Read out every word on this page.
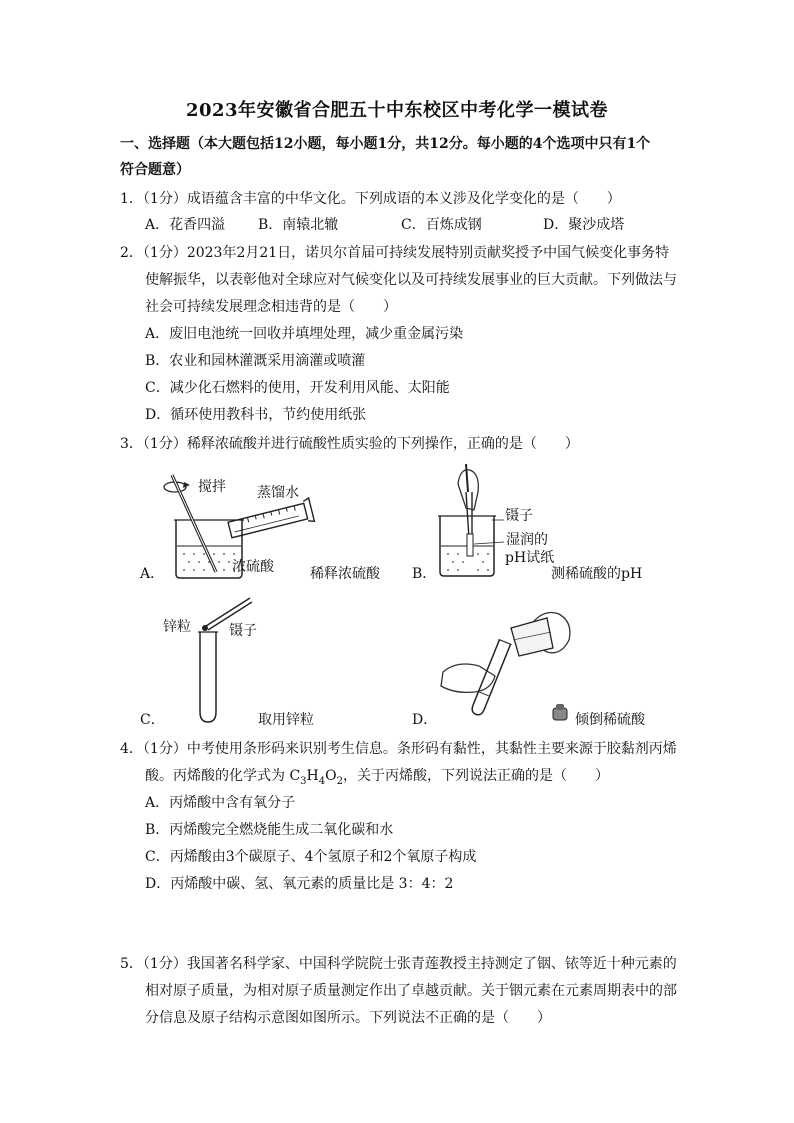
2023年安徽省合肥五十中东校区中考化学一模试卷
一、选择题（本大题包括12小题，每小题1分，共12分。每小题的4个选项中只有1个
符合题意）
1．（1分）成语蕴含丰富的中华文化。下列成语的本义涉及化学变化的是（　　）
A．花香四溢 B．南辕北辙	C．百炼成钢	D．聚沙成塔
2．（1分）2023年2月21日，诺贝尔首届可持续发展特别贡献奖授予中国气候变化事务特
使解振华，以表彰他对全球应对气候变化以及可持续发展事业的巨大贡献。下列做法与
社会可持续发展理念相违背的是（　　）
A．废旧电池统一回收并填埋处理，减少重金属污染
B．农业和园林灌溉采用滴灌或喷灌
C．减少化石燃料的使用，开发利用风能、太阳能
D．循环使用教科书，节约使用纸张
3．（1分）稀释浓硫酸并进行硫酸性质实验的下列操作，正确的是（　　）
搅拌 蒸馏水
浓硫酸
A．	稀释浓硫酸
镊子
湿润的
pH试纸
B．	测稀硫酸的pH
锌粒	镊子
C．	取用锌粒	D．	倾倒稀硫酸
4．（1分）中考使用条形码来识别考生信息。条形码有黏性，其黏性主要来源于胶黏剂丙烯
酸。丙烯酸的化学式为 $C_3H_4O_2$，关于丙烯酸，下列说法正确的是（　　）
A．丙烯酸中含有氧分子
B．丙烯酸完全燃烧能生成二氧化碳和水
C．丙烯酸由3个碳原子、4个氢原子和2个氧原子构成
D．丙烯酸中碳、氢、氧元素的质量比是 3：4：2
5．（1分）我国著名科学家、中国科学院院士张青莲教授主持测定了铟、铱等近十种元素的
相对原子质量，为相对原子质量测定作出了卓越贡献。关于铟元素在元素周期表中的部
分信息及原子结构示意图如图所示。下列说法不正确的是（　　）
